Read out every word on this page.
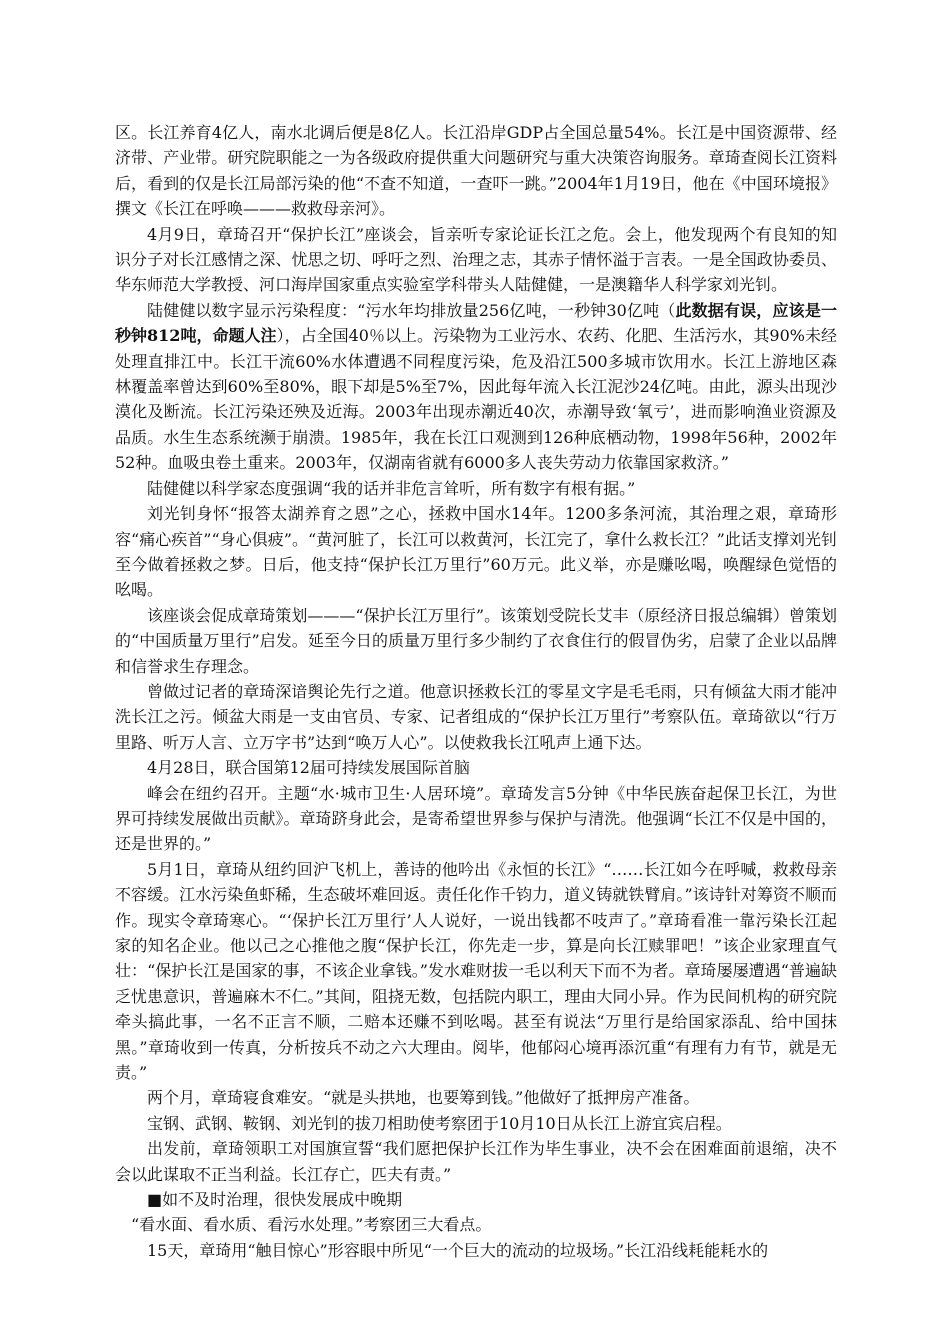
区。长江养育4亿人，南水北调后便是8亿人。长江沿岸GDP占全国总量54%。长江是中国资源带、经济带、产业带。研究院职能之一为各级政府提供重大问题研究与重大决策咨询服务。章琦查阅长江资料后，看到的仅是长江局部污染的他“不查不知道，一查吓一跳。”2004年1月19日，他在《中国环境报》撰文《长江在呼唤———救救母亲河》。

4月9日，章琦召开“保护长江”座谈会，旨亲听专家论证长江之危。会上，他发现两个有良知的知识分子对长江感情之深、忧思之切、呼吁之烈、治理之志，其赤子情怀溢于言表。一是全国政协委员、华东师范大学教授、河口海岸国家重点实验室学科带头人陆健健，一是澳籍华人科学家刘光钊。

陆健健以数字显示污染程度：“污水年均排放量256亿吨，一秒钟30亿吨（此数据有误，应该是一秒钟812吨，命题人注），占全国40％以上。污染物为工业污水、农药、化肥、生活污水，其90%未经处理直排江中。长江干流60%水体遭遇不同程度污染，危及沿江500多城市饮用水。长江上游地区森林覆盖率曾达到60%至80%，眼下却是5%至7%，因此每年流入长江泥沙24亿吨。由此，源头出现沙漠化及断流。长江污染还殃及近海。2003年出现赤潮近40次，赤潮导致‘氧亏’，进而影响渔业资源及品质。水生生态系统濒于崩溃。1985年，我在长江口观测到126种底栖动物，1998年56种，2002年52种。血吸虫卷土重来。2003年，仅湖南省就有6000多人丧失劳动力依靠国家救济。”

陆健健以科学家态度强调“我的话并非危言耸听，所有数字有根有据。”

刘光钊身怀“报答太湖养育之恩”之心，拯救中国水14年。1200多条河流，其治理之艰，章琦形容“痛心疾首”“身心俱疲”。“黄河脏了，长江可以救黄河，长江完了，拿什么救长江？”此话支撑刘光钊至今做着拯救之梦。日后，他支持“保护长江万里行”60万元。此义举，亦是赚吆喝，唤醒绿色觉悟的吆喝。

该座谈会促成章琦策划———“保护长江万里行”。该策划受院长艾丰（原经济日报总编辑）曾策划的“中国质量万里行”启发。延至今日的质量万里行多少制约了衣食住行的假冒伪劣，启蒙了企业以品牌和信誉求生存理念。

曾做过记者的章琦深谙舆论先行之道。他意识拯救长江的零星文字是毛毛雨，只有倾盆大雨才能冲洗长江之污。倾盆大雨是一支由官员、专家、记者组成的“保护长江万里行”考察队伍。章琦欲以“行万里路、听万人言、立万字书”达到“唤万人心”。以使救我长江吼声上通下达。

4月28日，联合国第12届可持续发展国际首脑

峰会在纽约召开。主题“水·城市卫生·人居环境”。章琦发言5分钟《中华民族奋起保卫长江，为世界可持续发展做出贡献》。章琦跻身此会，是寄希望世界参与保护与清洗。他强调“长江不仅是中国的，还是世界的。”

5月1日，章琦从纽约回沪飞机上，善诗的他吟出《永恒的长江》“……长江如今在呼喊，救救母亲不容缓。江水污染鱼虾稀，生态破坏难回返。责任化作千钧力，道义铸就铁臂肩。”该诗针对筹资不顺而作。现实令章琦寒心。“‘保护长江万里行’人人说好，一说出钱都不吱声了。”章琦看准一靠污染长江起家的知名企业。他以己之心推他之腹“保护长江，你先走一步，算是向长江赎罪吧！”该企业家理直气壮：“保护长江是国家的事，不该企业拿钱。”发水难财拔一毛以利天下而不为者。章琦屡屡遭遇“普遍缺乏忧患意识，普遍麻木不仁。”其间，阻挠无数，包括院内职工，理由大同小异。作为民间机构的研究院牵头搞此事，一名不正言不顺，二赔本还赚不到吆喝。甚至有说法“万里行是给国家添乱、给中国抹黑。”章琦收到一传真，分析按兵不动之六大理由。阅毕，他郁闷心境再添沉重“有理有力有节，就是无责。”

两个月，章琦寝食难安。“就是头拱地，也要筹到钱。”他做好了抵押房产准备。

宝钢、武钢、鞍钢、刘光钊的拔刀相助使考察团于10月10日从长江上游宜宾启程。

出发前，章琦领职工对国旗宣誓“我们愿把保护长江作为毕生事业，决不会在困难面前退缩，决不会以此谋取不正当利益。长江存亡，匹夫有责。”

■如不及时治理，很快发展成中晚期

“看水面、看水质、看污水处理。”考察团三大看点。

15天，章琦用“触目惊心”形容眼中所见“一个巨大的流动的垃圾场。”长江沿线耗能耗水的
